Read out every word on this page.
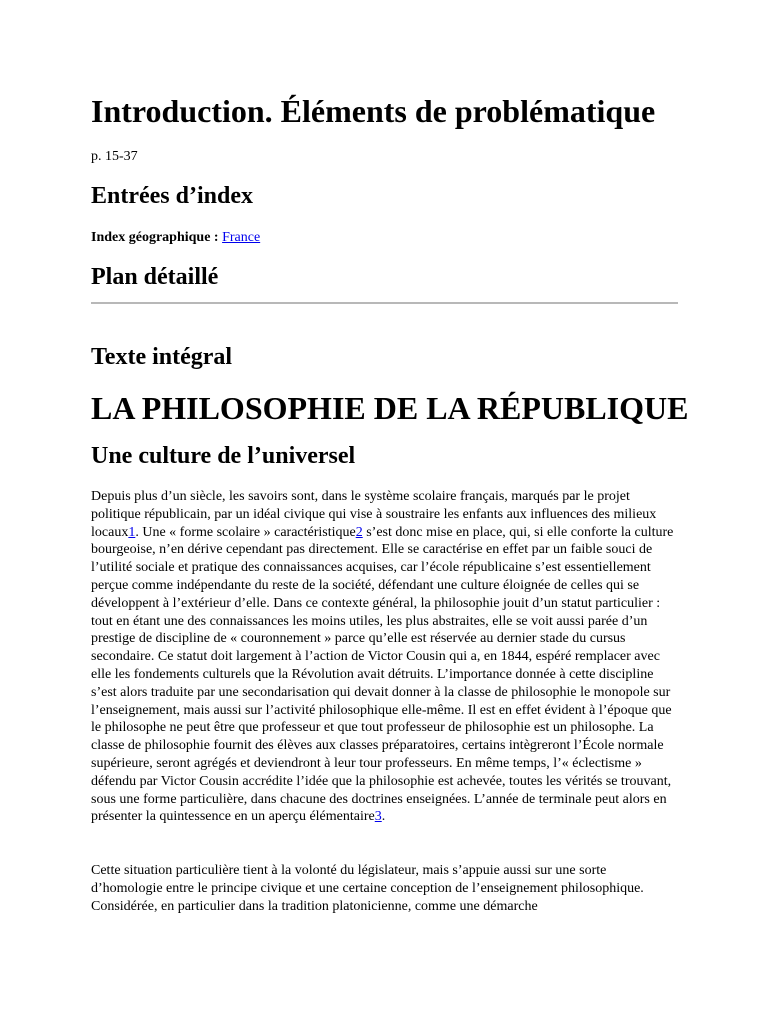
Introduction. Éléments de problématique

p. 15-37

Entrées d’index

Index géographique : France

Plan détaillé
Texte intégral
LA PHILOSOPHIE DE LA RÉPUBLIQUE
Une culture de l’universel

Depuis plus d’un siècle, les savoirs sont, dans le système scolaire français, marqués par le projet politique républicain, par un idéal civique qui vise à soustraire les enfants aux influences des milieux locaux1. Une « forme scolaire » caractéristique2 s’est donc mise en place, qui, si elle conforte la culture bourgeoise, n’en dérive cependant pas directement. Elle se caractérise en effet par un faible souci de l’utilité sociale et pratique des connaissances acquises, car l’école républicaine s’est essentiellement perçue comme indépendante du reste de la société, défendant une culture éloignée de celles qui se développent à l’extérieur d’elle. Dans ce contexte général, la philosophie jouit d’un statut particulier : tout en étant une des connaissances les moins utiles, les plus abstraites, elle se voit aussi parée d’un prestige de discipline de « couronnement » parce qu’elle est réservée au dernier stade du cursus secondaire. Ce statut doit largement à l’action de Victor Cousin qui a, en 1844, espéré remplacer avec elle les fondements culturels que la Révolution avait détruits. L’importance donnée à cette discipline s’est alors traduite par une secondarisation qui devait donner à la classe de philosophie le monopole sur l’enseignement, mais aussi sur l’activité philosophique elle-même. Il est en effet évident à l’époque que le philosophe ne peut être que professeur et que tout professeur de philosophie est un philosophe. La classe de philosophie fournit des élèves aux classes préparatoires, certains intègreront l’École normale supérieure, seront agrégés et deviendront à leur tour professeurs. En même temps, l’« éclectisme » défendu par Victor Cousin accrédite l’idée que la philosophie est achevée, toutes les vérités se trouvant, sous une forme particulière, dans chacune des doctrines enseignées. L’année de terminale peut alors en présenter la quintessence en un aperçu élémentaire3.

Cette situation particulière tient à la volonté du législateur, mais s’appuie aussi sur une sorte d’homologie entre le principe civique et une certaine conception de l’enseignement philosophique. Considérée, en particulier dans la tradition platonicienne, comme une démarche
